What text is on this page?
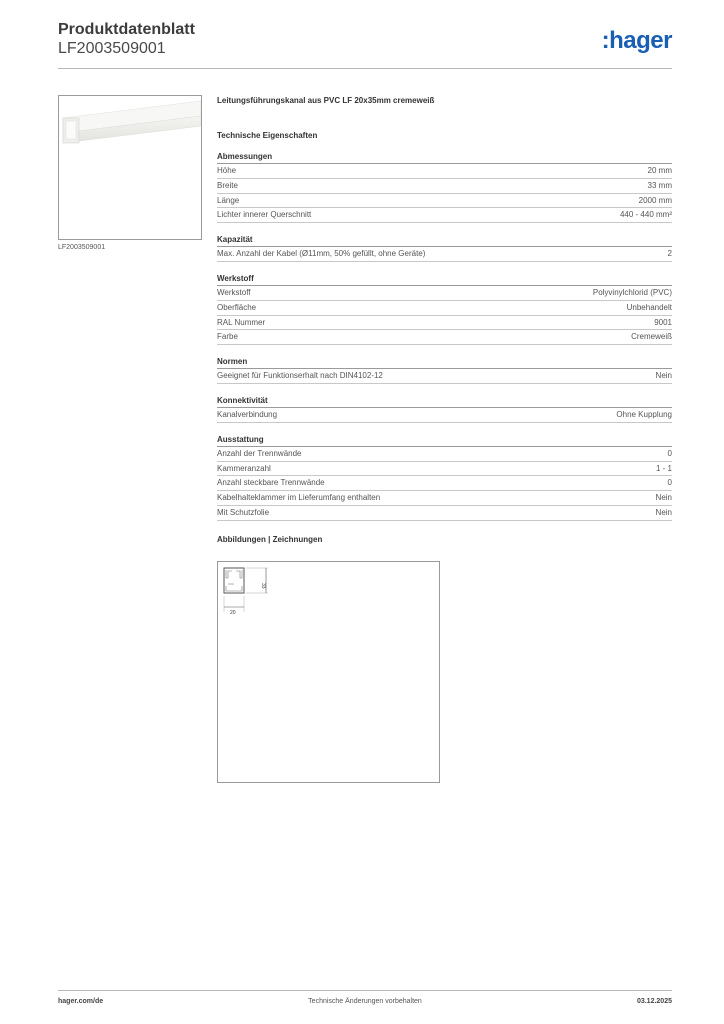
Produktdatenblatt
LF2003509001	:hager
LF2003509001
Leitungsführungskanal aus PVC LF 20x35mm cremeweiß
Technische Eigenschaften
Abmessungen
Höhe	20 mm
Breite	33 mm
Länge	2000 mm
Lichter innerer Querschnitt	440 - 440 mm²
Kapazität
Max. Anzahl der Kabel (Ø11mm, 50% gefüllt, ohne Geräte)	2
Werkstoff
Werkstoff	Polyvinylchlorid (PVC)
Oberfläche	Unbehandelt
RAL Nummer	9001
Farbe	Cremeweiß
Normen
Geeignet für Funktionserhalt nach DIN4102-12	Nein
Konnektivität
Kanalverbindung	Ohne Kupplung
Ausstattung
Anzahl der Trennwände	0
Kammeranzahl	1 - 1
Anzahl steckbare Trennwände	0
Kabelhalteklammer im Lieferumfang enthalten	Nein
Mit Schutzfolie	Nein
Abbildungen | Zeichnungen
20
33
hager.com/de	Technische Änderungen vorbehalten	03.12.2025
